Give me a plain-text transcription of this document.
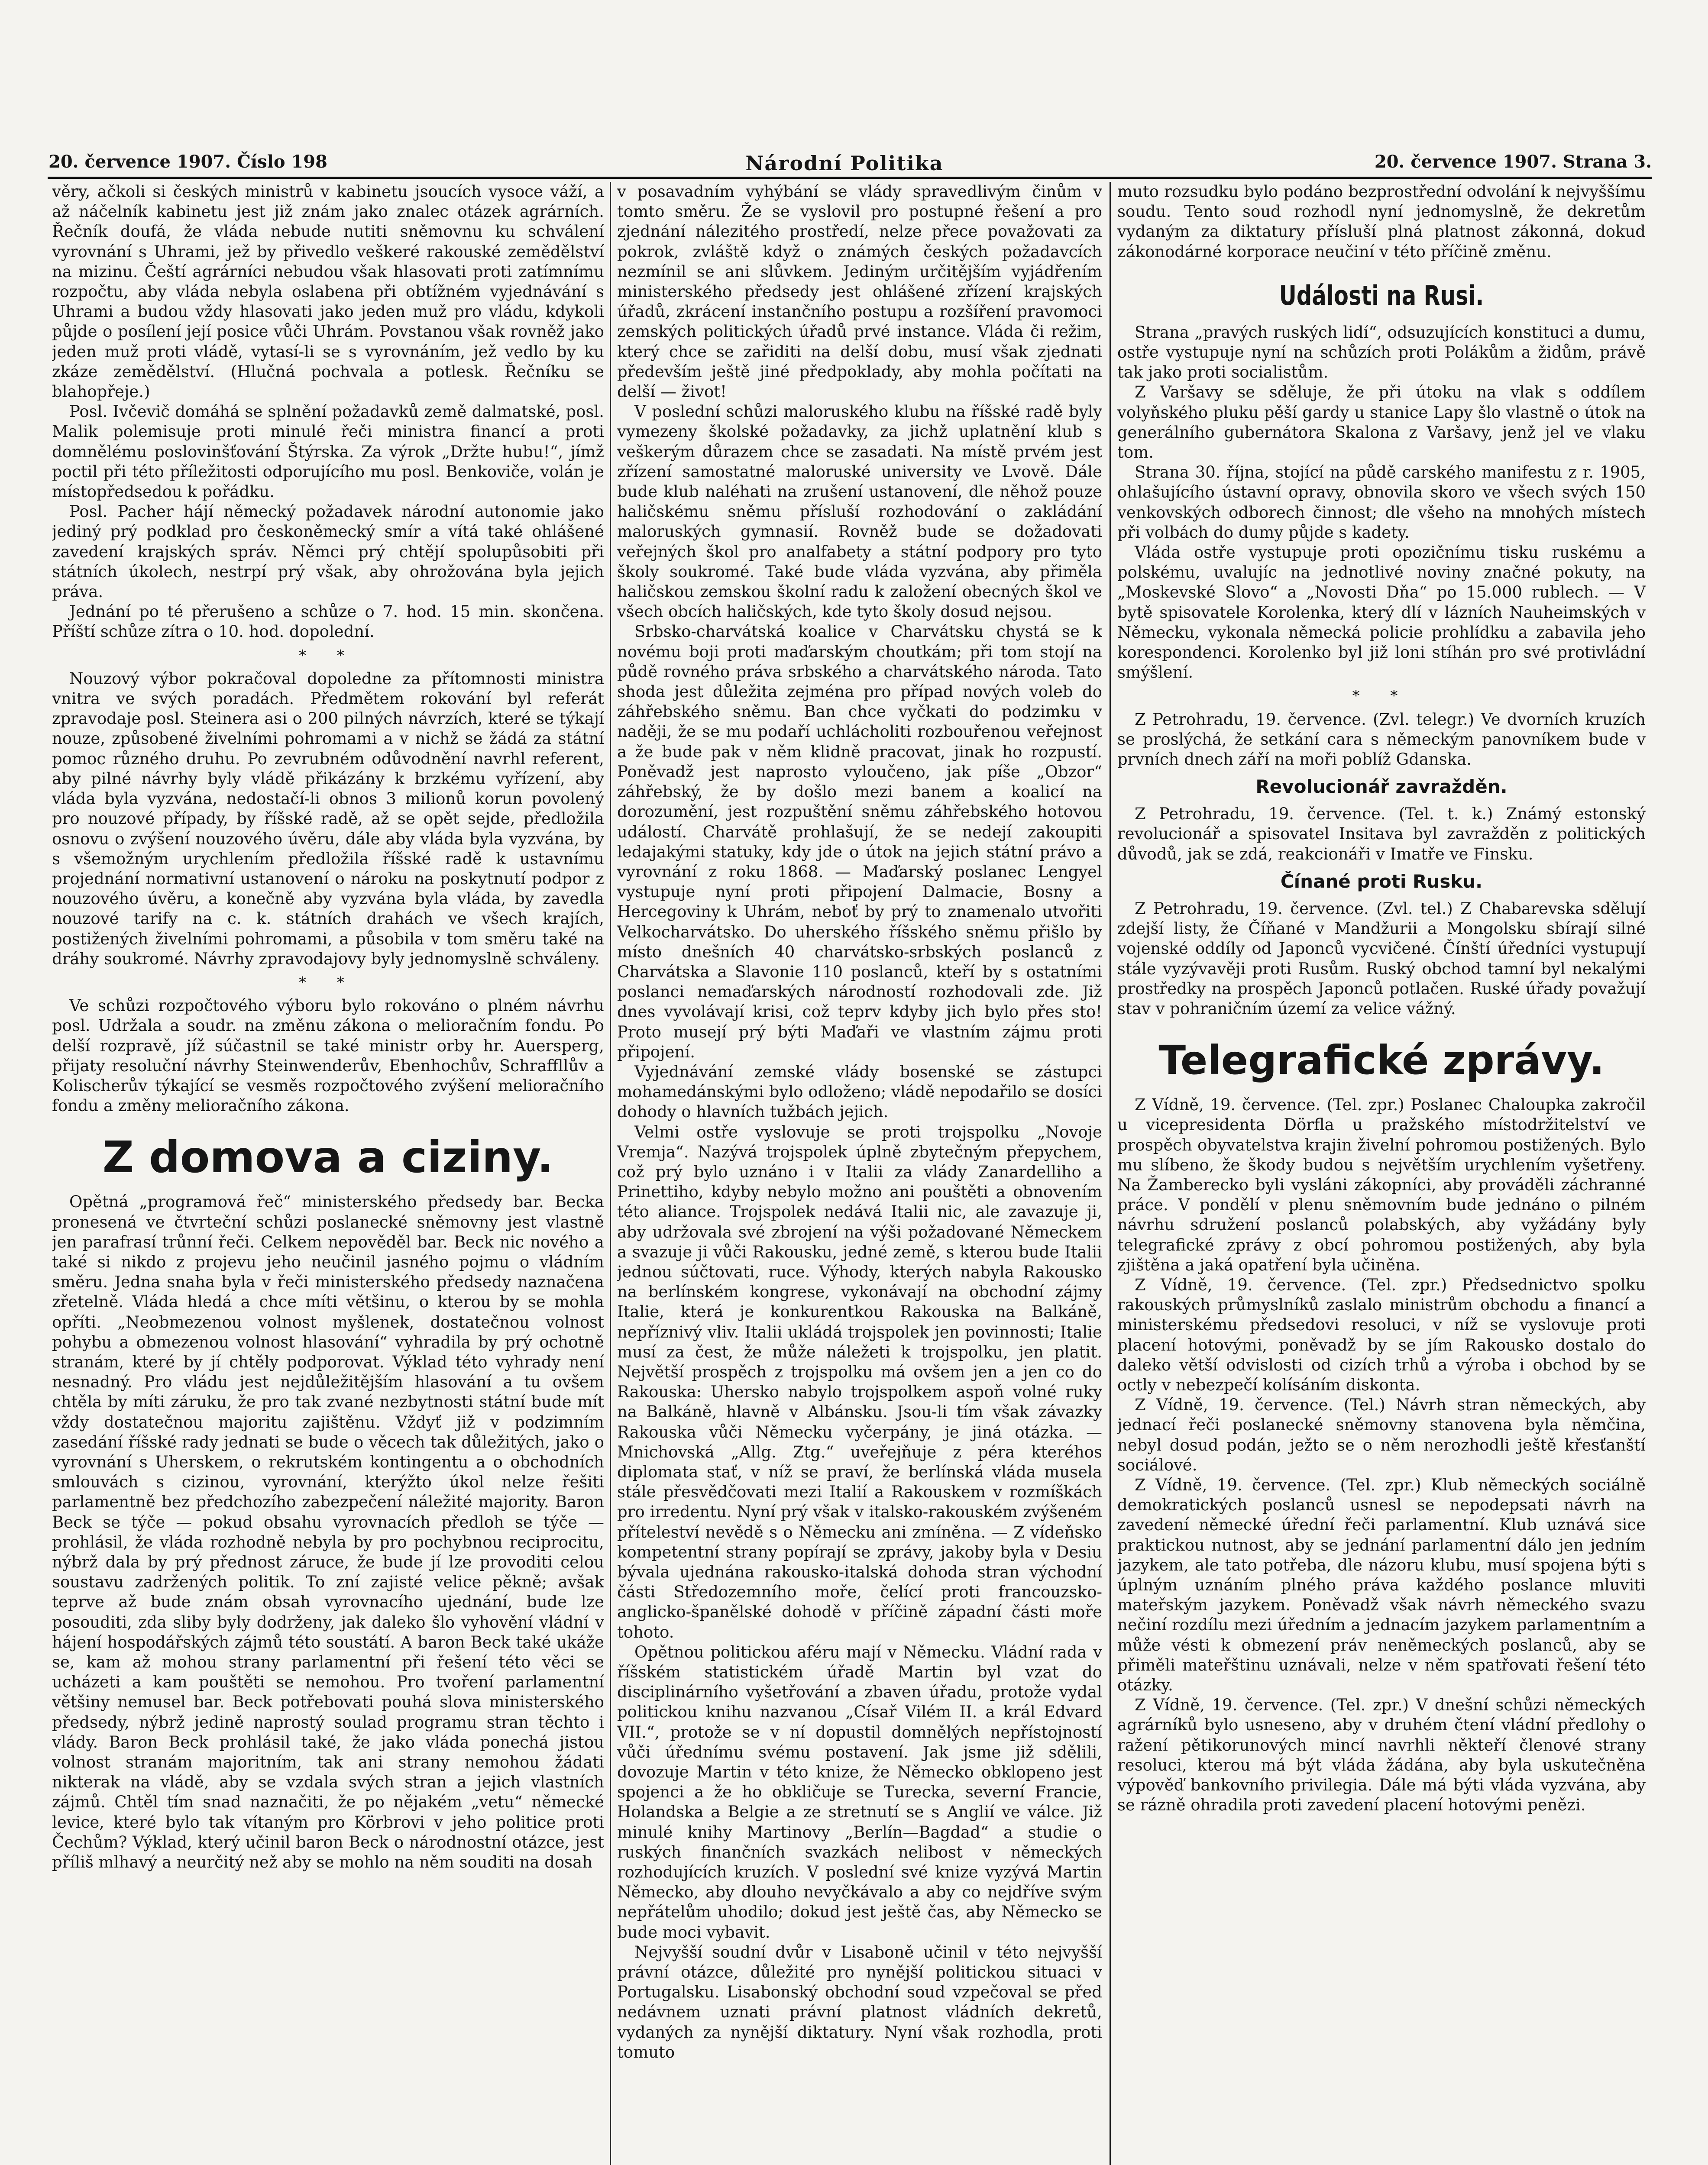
20. července 1907. Číslo 198	Národní Politika	20. července 1907. Strana 3.

věry, ačkoli si českých ministrů v kabinetu jsoucích vysoce váží, a až náčelník kabinetu jest již znám jako znalec otázek agrárních. Řečník doufá, že vláda nebude nutiti sněmovnu ku schválení vyrovnání s Uhrami, jež by přivedlo veškeré rakouské zemědělství na mizinu. Čeští agrárníci nebudou však hlasovati proti zatímnímu rozpočtu, aby vláda nebyla oslabena při obtížném vyjednávání s Uhrami a budou vždy hlasovati jako jeden muž pro vládu, kdykoli půjde o posílení její posice vůči Uhrám. Povstanou však rovněž jako jeden muž proti vládě, vytasí-li se s vyrovnáním, jež vedlo by ku zkáze zemědělství. (Hlučná pochvala a potlesk. Řečníku se blahopřeje.)

Posl. Ivčevič domáhá se splnění požadavků země dalmatské, posl. Malik polemisuje proti minulé řeči ministra financí a proti domnělému poslovinšťování Štýrska. Za výrok „Držte hubu!“, jímž poctil při této příležitosti odporujícího mu posl. Benkoviče, volán je místopředsedou k pořádku.

Posl. Pacher hájí německý požadavek národní autonomie jako jediný prý podklad pro českoněmecký smír a vítá také ohlášené zavedení krajských správ. Němci prý chtějí spolupůsobiti při státních úkolech, nestrpí prý však, aby ohrožována byla jejich práva.

Jednání po té přerušeno a schůze o 7. hod. 15 min. skončena. Příští schůze zítra o 10. hod. dopolední.

* *

Nouzový výbor pokračoval dopoledne za přítomnosti ministra vnitra ve svých poradách. Předmětem rokování byl referát zpravodaje posl. Steinera asi o 200 pilných návrzích, které se týkají nouze, způsobené živelními pohromami a v nichž se žádá za státní pomoc různého druhu. Po zevrubném odůvodnění navrhl referent, aby pilné návrhy byly vládě přikázány k brzkému vyřízení, aby vláda byla vyzvána, nedostačí-li obnos 3 milionů korun povolený pro nouzové případy, by říšské radě, až se opět sejde, předložila osnovu o zvýšení nouzového úvěru, dále aby vláda byla vyzvána, by s všemožným urychlením předložila říšské radě k ustavnímu projednání normativní ustanovení o nároku na poskytnutí podpor z nouzového úvěru, a konečně aby vyzvána byla vláda, by zavedla nouzové tarify na c. k. státních drahách ve všech krajích, postižených živelními pohromami, a působila v tom směru také na dráhy soukromé. Návrhy zpravodajovy byly jednomyslně schváleny.

* *

Ve schůzi rozpočtového výboru bylo rokováno o plném návrhu posl. Udržala a soudr. na změnu zákona o melioračním fondu. Po delší rozpravě, jíž súčastnil se také ministr orby hr. Auersperg, přijaty resoluční návrhy Steinwenderův, Ebenhochův, Schraffllův a Kolischerův týkající se vesměs rozpočtového zvýšení melioračního fondu a změny melioračního zákona.

Z domova a ciziny.

Opětná „programová řeč“ ministerského předsedy bar. Becka pronesená ve čtvrteční schůzi poslanecké sněmovny jest vlastně jen parafrasí trůnní řeči. Celkem nepověděl bar. Beck nic nového a také si nikdo z projevu jeho neučinil jasného pojmu o vládním směru. Jedna snaha byla v řeči ministerského předsedy naznačena zřetelně. Vláda hledá a chce míti většinu, o kterou by se mohla opříti. „Neobmezenou volnost myšlenek, dostatečnou volnost pohybu a obmezenou volnost hlasování“ vyhradila by prý ochotně stranám, které by jí chtěly podporovat. Výklad této vyhrady není nesnadný. Pro vládu jest nejdůležitějším hlasování a tu ovšem chtěla by míti záruku, že pro tak zvané nezbytnosti státní bude mít vždy dostatečnou majoritu zajištěnu. Vždyť již v podzimním zasedání říšské rady jednati se bude o věcech tak důležitých, jako o vyrovnání s Uherskem, o rekrutském kontingentu a o obchodních smlouvách s cizinou, vyrovnání, kterýžto úkol nelze řešiti parlamentně bez předchozího zabezpečení náležité majority. Baron Beck se týče — pokud obsahu vyrovnacích předloh se týče — prohlásil, že vláda rozhodně nebyla by pro pochybnou reciprocitu, nýbrž dala by prý přednost záruce, že bude jí lze provoditi celou soustavu zadržených politik. To zní zajisté velice pěkně; avšak teprve až bude znám obsah vyrovnacího ujednání, bude lze posouditi, zda sliby byly dodrženy, jak daleko šlo vyhovění vládní v hájení hospodářských zájmů této soustátí. A baron Beck také ukáže se, kam až mohou strany parlamentní při řešení této věci se ucházeti a kam pouštěti se nemohou. Pro tvoření parlamentní většiny nemusel bar. Beck potřebovati pouhá slova ministerského předsedy, nýbrž jedině naprostý soulad programu stran těchto i vlády. Baron Beck prohlásil také, že jako vláda ponechá jistou volnost stranám majoritním, tak ani strany nemohou žádati nikterak na vládě, aby se vzdala svých stran a jejich vlastních zájmů. Chtěl tím snad naznačiti, že po nějakém „vetu“ německé levice, které bylo tak vítaným pro Körbrovi v jeho politice proti Čechům? Výklad, který učinil baron Beck o národnostní otázce, jest příliš mlhavý a neurčitý než aby se mohlo na něm souditi na dosah

v posavadním vyhýbání se vlády spravedlivým činům v tomto směru. Že se vyslovil pro postupné řešení a pro zjednání nálezitého prostředí, nelze přece považovati za pokrok, zvláště když o známých českých požadavcích nezmínil se ani slůvkem. Jediným určitějším vyjádřením ministerského předsedy jest ohlášené zřízení krajských úřadů, zkrácení instančního postupu a rozšíření pravomoci zemských politických úřadů prvé instance. Vláda či režim, který chce se zařiditi na delší dobu, musí však zjednati především ještě jiné předpoklady, aby mohla počítati na delší — život!

V poslední schůzi maloruského klubu na říšské radě byly vymezeny školské požadavky, za jichž uplatnění klub s veškerým důrazem chce se zasadati. Na místě prvém jest zřízení samostatné maloruské university ve Lvově. Dále bude klub naléhati na zrušení ustanovení, dle něhož pouze haličskému sněmu přísluší rozhodování o zakládání maloruských gymnasií. Rovněž bude se dožadovati veřejných škol pro analfabety a státní podpory pro tyto školy soukromé. Také bude vláda vyzvána, aby přiměla haličskou zemskou školní radu k založení obecných škol ve všech obcích haličských, kde tyto školy dosud nejsou.

Srbsko-charvátská koalice v Charvátsku chystá se k novému boji proti maďarským choutkám; při tom stojí na půdě rovného práva srbského a charvátského národa. Tato shoda jest důležita zejména pro případ nových voleb do záhřebského sněmu. Ban chce vyčkati do podzimku v naději, že se mu podaří uchlácholiti rozbouřenou veřejnost a že bude pak v něm klidně pracovat, jinak ho rozpustí. Poněvadž jest naprosto vyloučeno, jak píše „Obzor“ záhřebský, že by došlo mezi banem a koalicí na dorozumění, jest rozpuštění sněmu záhřebského hotovou událostí. Charvátě prohlašují, že se nedejí zakoupiti ledajakými statuky, kdy jde o útok na jejich státní právo a vyrovnání z roku 1868. — Maďarský poslanec Lengyel vystupuje nyní proti připojení Dalmacie, Bosny a Hercegoviny k Uhrám, neboť by prý to znamenalo utvořiti Velkocharvátsko. Do uherského říšského sněmu přišlo by místo dnešních 40 charvátsko-srbských poslanců z Charvátska a Slavonie 110 poslanců, kteří by s ostatními poslanci nemaďarských národností rozhodovali zde. Již dnes vyvolávají krisi, což teprv kdyby jich bylo přes sto! Proto musejí prý býti Maďaři ve vlastním zájmu proti připojení.

Vyjednávání zemské vlády bosenské se zástupci mohamedánskými bylo odloženo; vládě nepodařilo se dosíci dohody o hlavních tužbách jejich.

Velmi ostře vyslovuje se proti trojspolku „Novoje Vremja“. Nazývá trojspolek úplně zbytečným přepychem, což prý bylo uznáno i v Italii za vlády Zanardelliho a Prinettiho, kdyby nebylo možno ani pouštěti a obnovením této aliance. Trojspolek nedává Italii nic, ale zavazuje ji, aby udržovala své zbrojení na výši požadované Německem a svazuje ji vůči Rakousku, jedné země, s kterou bude Italii jednou súčtovati, ruce. Výhody, kterých nabyla Rakousko na berlínském kongrese, vykonávají na obchodní zájmy Italie, která je konkurentkou Rakouska na Balkáně, nepříznivý vliv. Italii ukládá trojspolek jen povinnosti; Italie musí za čest, že může náležeti k trojspolku, jen platit. Největší prospěch z trojspolku má ovšem jen a jen co do Rakouska: Uhersko nabylo trojspolkem aspoň volné ruky na Balkáně, hlavně v Albánsku. Jsou-li tím však závazky Rakouska vůči Německu vyčerpány, je jiná otázka. — Mnichovská „Allg. Ztg.“ uveřejňuje z péra kteréhos diplomata stať, v níž se praví, že berlínská vláda musela stále přesvědčovati mezi Italií a Rakouskem v rozmíškách pro irredentu. Nyní prý však v italsko-rakouském zvýšeném příteleství nevědě s o Německu ani zmíněna. — Z vídeňsko kompetentní strany popírají se zprávy, jakoby byla v Desiu bývala ujednána rakousko-italská dohoda stran východní části Středozemního moře, čelící proti francouzsko-anglicko-španělské dohodě v příčině západní části moře tohoto.

Opětnou politickou aféru mají v Německu. Vládní rada v říšském statistickém úřadě Martin byl vzat do disciplinárního vyšetřování a zbaven úřadu, protože vydal politickou knihu nazvanou „Císař Vilém II. a král Edvard VII.“, protože se v ní dopustil domnělých nepřístojností vůči úřednímu svému postavení. Jak jsme již sdělili, dovozuje Martin v této knize, že Německo obklopeno jest spojenci a že ho obkličuje se Turecka, severní Francie, Holandska a Belgie a ze stretnutí se s Anglií ve válce. Již minulé knihy Martinovy „Berlín—Bagdad“ a studie o ruských finančních svazkách nelibost v německých rozhodujících kruzích. V poslední své knize vyzývá Martin Německo, aby dlouho nevyčkávalo a aby co nejdříve svým nepřátelům uhodilo; dokud jest ještě čas, aby Německo se bude moci vybavit.

Nejvyšší soudní dvůr v Lisaboně učinil v této nejvyšší právní otázce, důležité pro nynější politickou situaci v Portugalsku. Lisabonský obchodní soud vzpečoval se před nedávnem uznati právní platnost vládních dekretů, vydaných za nynější diktatury. Nyní však rozhodla, proti tomuto

muto rozsudku bylo podáno bezprostřední odvolání k nejvyššímu soudu. Tento soud rozhodl nyní jednomyslně, že dekretům vydaným za diktatury přísluší plná platnost zákonná, dokud zákonodárné korporace neučiní v této příčině změnu.

Události na Rusi.

Strana „pravých ruských lidí“, odsuzujících konstituci a dumu, ostře vystupuje nyní na schůzích proti Polákům a židům, právě tak jako proti socialistům.

Z Varšavy se sděluje, že při útoku na vlak s oddílem volyňského pluku pěší gardy u stanice Lapy šlo vlastně o útok na generálního gubernátora Skalona z Varšavy, jenž jel ve vlaku tom.

Strana 30. října, stojící na půdě carského manifestu z r. 1905, ohlašujícího ústavní opravy, obnovila skoro ve všech svých 150 venkovských odborech činnost; dle všeho na mnohých místech při volbách do dumy půjde s kadety.

Vláda ostře vystupuje proti opozičnímu tisku ruskému a polskému, uvalujíc na jednotlivé noviny značné pokuty, na „Moskevské Slovo“ a „Novosti Dňa“ po 15.000 rublech. — V bytě spisovatele Korolenka, který dlí v lázních Nauheimských v Německu, vykonala německá policie prohlídku a zabavila jeho korespondenci. Korolenko byl již loni stíhán pro své protivládní smýšlení.

* *

Z Petrohradu, 19. července. (Zvl. telegr.) Ve dvorních kruzích se proslýchá, že setkání cara s německým panovníkem bude v prvních dnech září na moři poblíž Gdanska.

Revolucionář zavražděn.

Z Petrohradu, 19. července. (Tel. t. k.) Známý estonský revolucionář a spisovatel Insitava byl zavražděn z politických důvodů, jak se zdá, reakcionáři v Imatře ve Finsku.

Čínané proti Rusku.

Z Petrohradu, 19. července. (Zvl. tel.) Z Chabarevska sdělují zdejší listy, že Číňané v Mandžurii a Mongolsku sbírají silné vojenské oddíly od Japonců vycvičené. Čínští úředníci vystupují stále vyzývavěji proti Rusům. Ruský obchod tamní byl nekalými prostředky na prospěch Japonců potlačen. Ruské úřady považují stav v pohraničním území za velice vážný.

Telegrafické zprávy.

Z Vídně, 19. července. (Tel. zpr.) Poslanec Chaloupka zakročil u vicepresidenta Dörfla u pražského místodržitelství ve prospěch obyvatelstva krajin živelní pohromou postižených. Bylo mu slíbeno, že škody budou s největším urychlením vyšetřeny. Na Žamberecko byli vysláni zákopníci, aby prováděli záchranné práce. V pondělí v plenu sněmovním bude jednáno o pilném návrhu sdružení poslanců polabských, aby vyžádány byly telegrafické zprávy z obcí pohromou postižených, aby byla zjištěna a jaká opatření byla učiněna.

Z Vídně, 19. července. (Tel. zpr.) Předsednictvo spolku rakouských průmyslníků zaslalo ministrům obchodu a financí a ministerskému předsedovi resoluci, v níž se vyslovuje proti placení hotovými, poněvadž by se jím Rakousko dostalo do daleko větší odvislosti od cizích trhů a výroba i obchod by se octly v nebezpečí kolísáním diskonta.

Z Vídně, 19. července. (Tel.) Návrh stran německých, aby jednací řeči poslanecké sněmovny stanovena byla němčina, nebyl dosud podán, ježto se o něm nerozhodli ještě křesťanští sociálové.

Z Vídně, 19. července. (Tel. zpr.) Klub německých sociálně demokratických poslanců usnesl se nepodepsati návrh na zavedení německé úřední řeči parlamentní. Klub uznává sice praktickou nutnost, aby se jednání parlamentní dálo jen jedním jazykem, ale tato potřeba, dle názoru klubu, musí spojena býti s úplným uznáním plného práva každého poslance mluviti mateřským jazykem. Poněvadž však návrh německého svazu nečiní rozdílu mezi úředním a jednacím jazykem parlamentním a může vésti k obmezení práv neněmeckých poslanců, aby se přiměli mateřštinu uznávali, nelze v něm spatřovati řešení této otázky.

Z Vídně, 19. července. (Tel. zpr.) V dnešní schůzi německých agrárníků bylo usneseno, aby v druhém čtení vládní předlohy o ražení pětikorunových mincí navrhli někteří členové strany resoluci, kterou má být vláda žádána, aby byla uskutečněna výpověď bankovního privilegia. Dále má býti vláda vyzvána, aby se rázně ohradila proti zavedení placení hotovými penězi.
